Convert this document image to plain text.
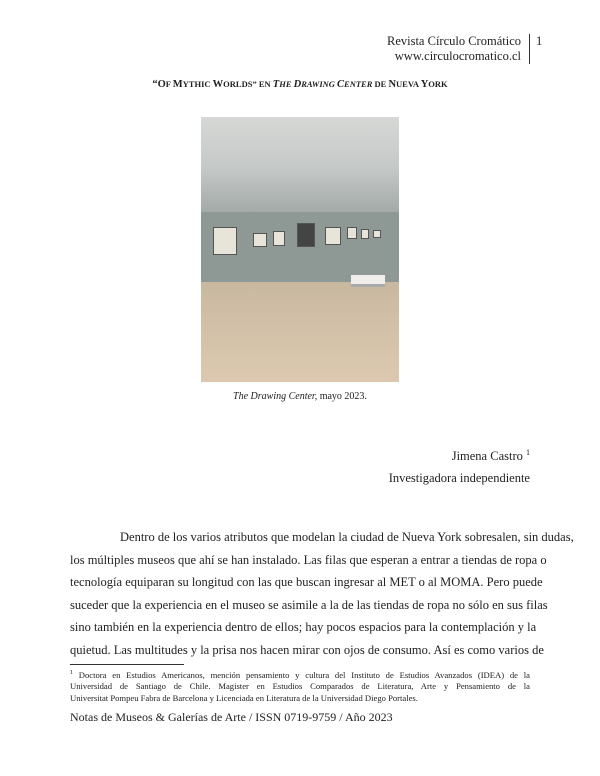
Revista Círculo Cromático
www.circulocromatico.cl
1
“OF MYTHIC WORLDS” EN THE DRAWING CENTER DE NUEVA YORK
The Drawing Center, mayo 2023.
Jimena Castro $^1$
Investigadora independiente
Dentro de los varios atributos que modelan la ciudad de Nueva York sobresalen, sin dudas,
los múltiples museos que ahí se han instalado. Las filas que esperan a entrar a tiendas de ropa o
tecnología equiparan su longitud con las que buscan ingresar al MET o al MOMA. Pero puede
suceder que la experiencia en el museo se asimile a la de las tiendas de ropa no sólo en sus filas
sino también en la experiencia dentro de ellos; hay pocos espacios para la contemplación y la
quietud. Las multitudes y la prisa nos hacen mirar con ojos de consumo. Así es como varios de
$^1$ Doctora en Estudios Americanos, mención pensamiento y cultura del Instituto de Estudios Avanzados (IDEA) de la
Universidad de Santiago de Chile. Magister en Estudios Comparados de Literatura, Arte y Pensamiento de la
Universitat Pompeu Fabra de Barcelona y Licenciada en Literatura de la Universidad Diego Portales.
Notas de Museos & Galerías de Arte / ISSN 0719-9759 / Año 2023
